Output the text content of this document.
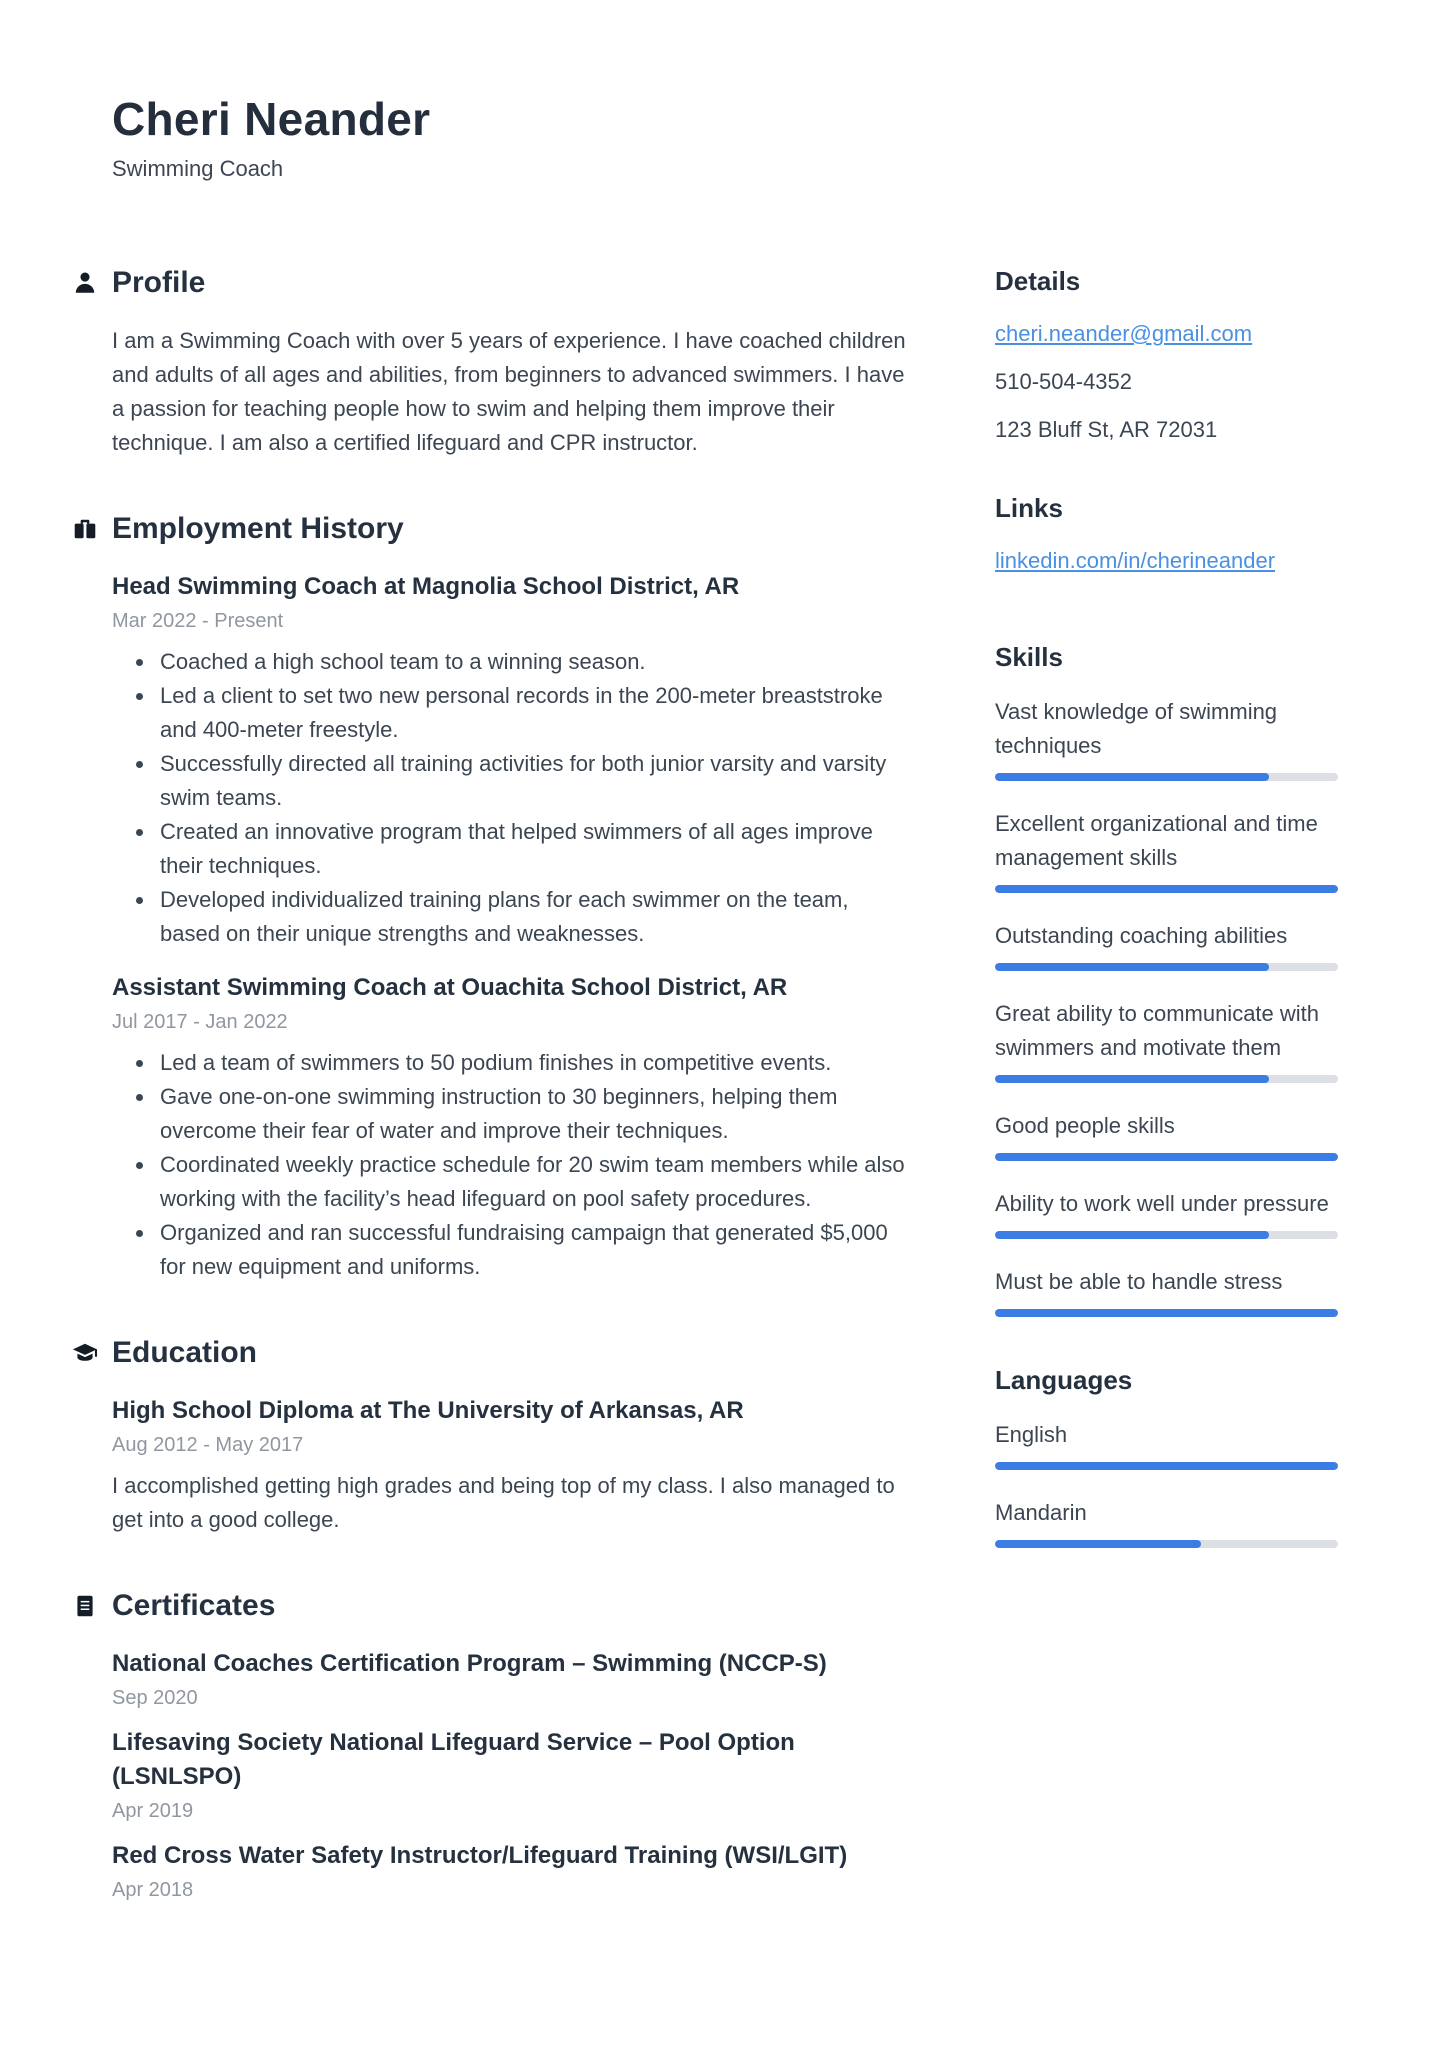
Cheri Neander
Swimming Coach
Profile

I am a Swimming Coach with over 5 years of experience. I have coached children and adults of all ages and abilities, from beginners to advanced swimmers. I have a passion for teaching people how to swim and helping them improve their technique. I am also a certified lifeguard and CPR instructor.

Employment History
Head Swimming Coach at Magnolia School District, AR
Mar 2022 - Present
• Coached a high school team to a winning season.
• Led a client to set two new personal records in the 200-meter breaststroke and 400-meter freestyle.
• Successfully directed all training activities for both junior varsity and varsity swim teams.
• Created an innovative program that helped swimmers of all ages improve their techniques.
• Developed individualized training plans for each swimmer on the team, based on their unique strengths and weaknesses.
Assistant Swimming Coach at Ouachita School District, AR
Jul 2017 - Jan 2022
• Led a team of swimmers to 50 podium finishes in competitive events.
• Gave one-on-one swimming instruction to 30 beginners, helping them overcome their fear of water and improve their techniques.
• Coordinated weekly practice schedule for 20 swim team members while also working with the facility’s head lifeguard on pool safety procedures.
• Organized and ran successful fundraising campaign that generated $5,000 for new equipment and uniforms.
Education
High School Diploma at The University of Arkansas, AR
Aug 2012 - May 2017

I accomplished getting high grades and being top of my class. I also managed to get into a good college.

Certificates
National Coaches Certification Program – Swimming (NCCP-S)
Sep 2020
Lifesaving Society National Lifeguard Service – Pool Option (LSNLSPO)
Apr 2019
Red Cross Water Safety Instructor/Lifeguard Training (WSI/LGIT)
Apr 2018
Details
cheri.neander@gmail.com
510-504-4352
123 Bluff St, AR 72031
Links
linkedin.com/in/cherineander
Skills
Vast knowledge of swimming techniques
Excellent organizational and time management skills
Outstanding coaching abilities
Great ability to communicate with swimmers and motivate them
Good people skills
Ability to work well under pressure
Must be able to handle stress
Languages
English
Mandarin
